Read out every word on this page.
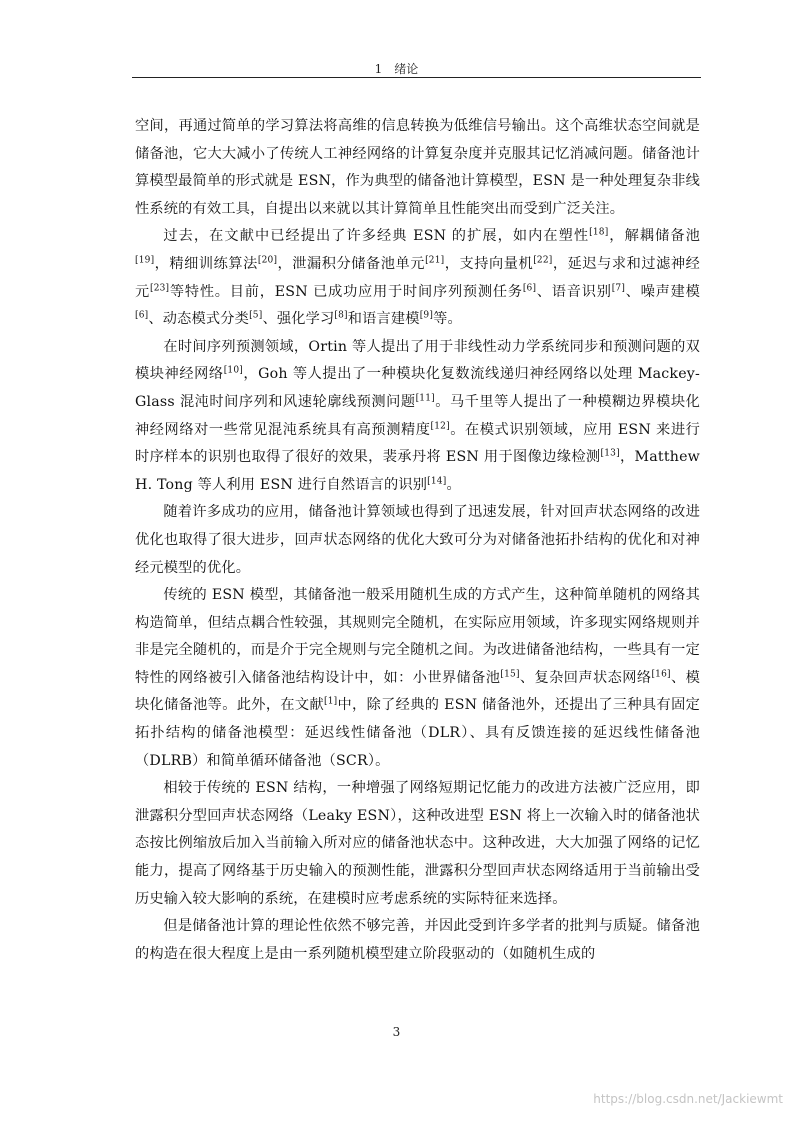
1　绪论

空间，再通过简单的学习算法将高维的信息转换为低维信号输出。这个高维状态空间就是储备池，它大大减小了传统人工神经网络的计算复杂度并克服其记忆消减问题。储备池计算模型最简单的形式就是 ESN，作为典型的储备池计算模型，ESN 是一种处理复杂非线性系统的有效工具，自提出以来就以其计算简单且性能突出而受到广泛关注。

过去，在文献中已经提出了许多经典 ESN 的扩展，如内在塑性[18]，解耦储备池[19]，精细训练算法[20]，泄漏积分储备池单元[21]，支持向量机[22]，延迟与求和过滤神经元[23]等特性。目前，ESN 已成功应用于时间序列预测任务[6]、语音识别[7]、噪声建模[6]、动态模式分类[5]、强化学习[8]和语言建模[9]等。

在时间序列预测领域，Ortin 等人提出了用于非线性动力学系统同步和预测问题的双模块神经网络[10]，Goh 等人提出了一种模块化复数流线递归神经网络以处理 Mackey-Glass 混沌时间序列和风速轮廓线预测问题[11]。马千里等人提出了一种模糊边界模块化神经网络对一些常见混沌系统具有高预测精度[12]。在模式识别领域，应用 ESN 来进行时序样本的识别也取得了很好的效果，裴承丹将 ESN 用于图像边缘检测[13]，Matthew H. Tong 等人利用 ESN 进行自然语言的识别[14]。

随着许多成功的应用，储备池计算领域也得到了迅速发展，针对回声状态网络的改进优化也取得了很大进步，回声状态网络的优化大致可分为对储备池拓扑结构的优化和对神经元模型的优化。

传统的 ESN 模型，其储备池一般采用随机生成的方式产生，这种简单随机的网络其构造简单，但结点耦合性较强，其规则完全随机，在实际应用领域，许多现实网络规则并非是完全随机的，而是介于完全规则与完全随机之间。为改进储备池结构，一些具有一定特性的网络被引入储备池结构设计中，如：小世界储备池[15]、复杂回声状态网络[16]、模块化储备池等。此外，在文献[1]中，除了经典的 ESN 储备池外，还提出了三种具有固定拓扑结构的储备池模型：延迟线性储备池（DLR）、具有反馈连接的延迟线性储备池（DLRB）和简单循环储备池（SCR）。

相较于传统的 ESN 结构，一种增强了网络短期记忆能力的改进方法被广泛应用，即泄露积分型回声状态网络（Leaky ESN），这种改进型 ESN 将上一次输入时的储备池状态按比例缩放后加入当前输入所对应的储备池状态中。这种改进，大大加强了网络的记忆能力，提高了网络基于历史输入的预测性能，泄露积分型回声状态网络适用于当前输出受历史输入较大影响的系统，在建模时应考虑系统的实际特征来选择。

但是储备池计算的理论性依然不够完善，并因此受到许多学者的批判与质疑。储备池的构造在很大程度上是由一系列随机模型建立阶段驱动的（如随机生成的

3
https://blog.csdn.net/Jackiewmt
